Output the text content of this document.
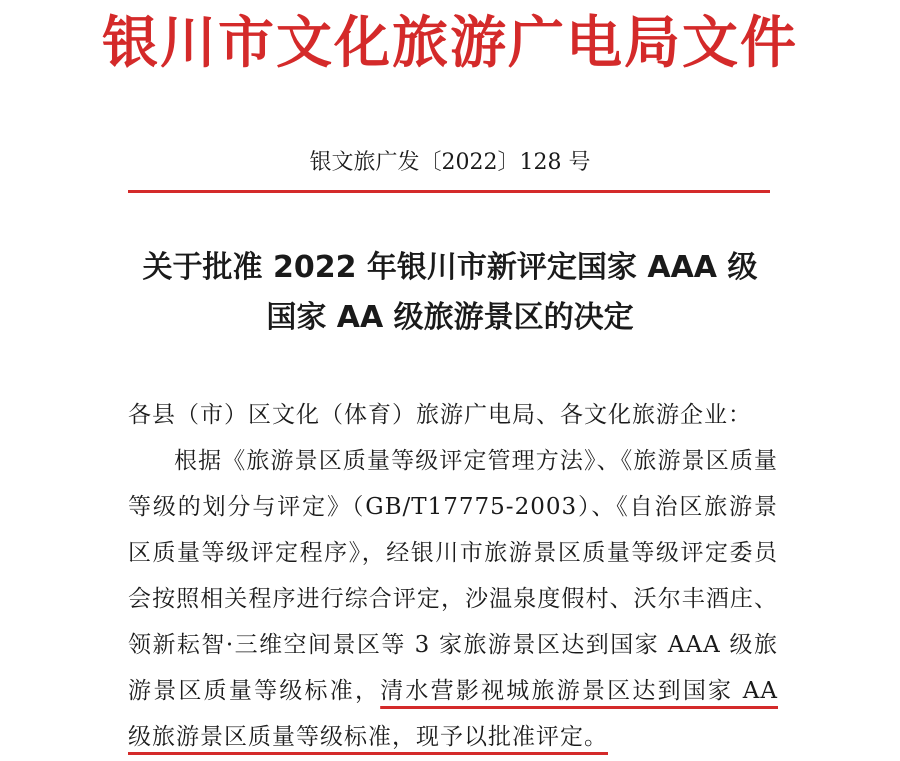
银川市文化旅游广电局文件
银文旅广发〔2022〕128 号
关于批准 2022 年银川市新评定国家 AAA 级
国家 AA 级旅游景区的决定
各县（市）区文化（体育）旅游广电局、各文化旅游企业：
根据《旅游景区质量等级评定管理方法》、《旅游景区质量等级的划分与评定》（GB/T17775-2003）、《自治区旅游景区质量等级评定程序》，经银川市旅游景区质量等级评定委员会按照相关程序进行综合评定，沙温泉度假村、沃尔丰酒庄、领新耘智·三维空间景区等 3 家旅游景区达到国家 AAA 级旅游景区质量等级标准，清水营影视城旅游景区达到国家 AA 级旅游景区质量等级标准，现予以批准评定。
